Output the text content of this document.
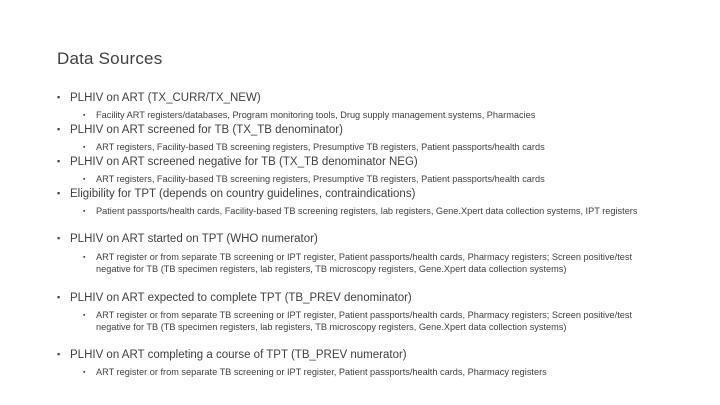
Data Sources
▪ PLHIV on ART (TX_CURR/TX_NEW)
▪ Facility ART registers/databases, Program monitoring tools, Drug supply management systems, Pharmacies
▪ PLHIV on ART screened for TB (TX_TB denominator)
▪ ART registers, Facility-based TB screening registers, Presumptive TB registers, Patient passports/health cards
▪ PLHIV on ART screened negative for TB (TX_TB denominator NEG)
▪ ART registers, Facility-based TB screening registers, Presumptive TB registers, Patient passports/health cards
▪ Eligibility for TPT (depends on country guidelines, contraindications)
▪ Patient passports/health cards, Facility-based TB screening registers, lab registers, Gene.Xpert data collection systems, IPT registers
▪ PLHIV on ART started on TPT (WHO numerator)
▪ ART register or from separate TB screening or IPT register, Patient passports/health cards, Pharmacy registers; Screen positive/test negative for TB (TB specimen registers, lab registers, TB microscopy registers, Gene.Xpert data collection systems)
▪ PLHIV on ART expected to complete TPT (TB_PREV denominator)
▪ ART register or from separate TB screening or IPT register, Patient passports/health cards, Pharmacy registers; Screen positive/test negative for TB (TB specimen registers, lab registers, TB microscopy registers, Gene.Xpert data collection systems)
▪ PLHIV on ART completing a course of TPT (TB_PREV numerator)
▪ ART register or from separate TB screening or IPT register, Patient passports/health cards, Pharmacy registers
